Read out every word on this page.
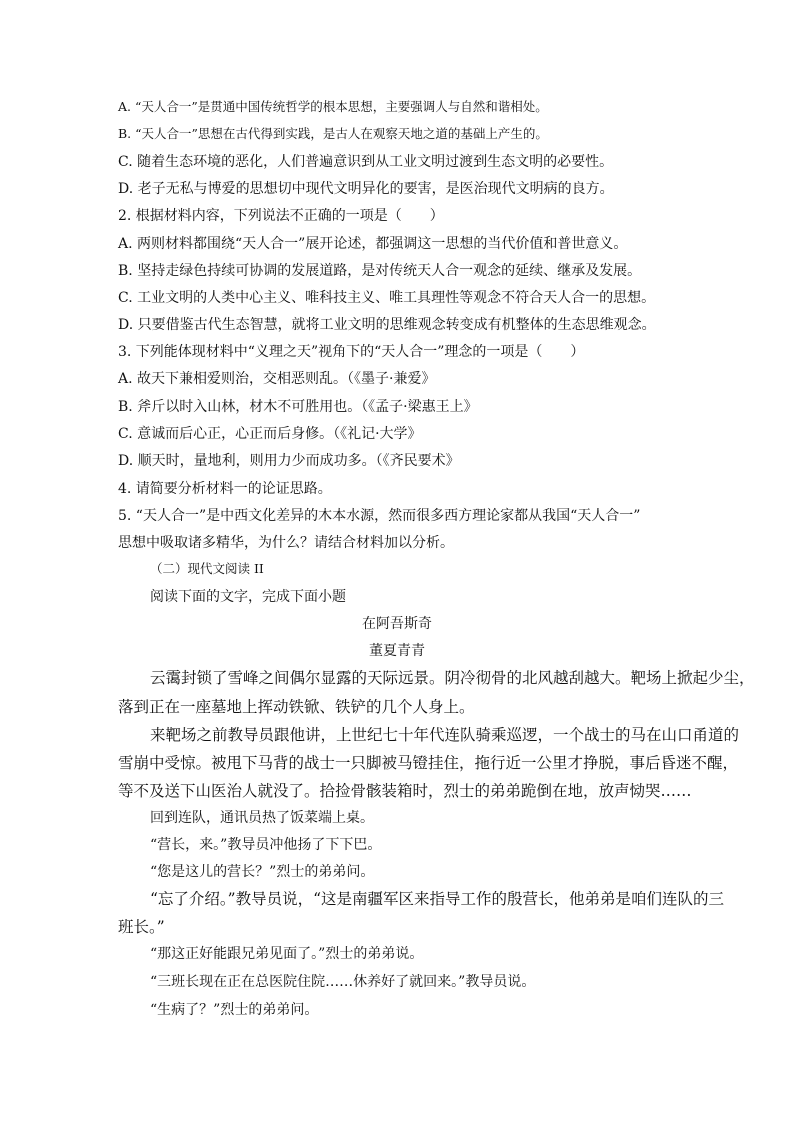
A. “天人合一”是贯通中国传统哲学的根本思想，主要强调人与自然和谐相处。
B. “天人合一”思想在古代得到实践，是古人在观察天地之道的基础上产生的。
C. 随着生态环境的恶化，人们普遍意识到从工业文明过渡到生态文明的必要性。
D. 老子无私与博爱的思想切中现代文明异化的要害，是医治现代文明病的良方。
2. 根据材料内容，下列说法不正确的一项是（　　）
A. 两则材料都围绕“天人合一”展开论述，都强调这一思想的当代价值和普世意义。
B. 坚持走绿色持续可协调的发展道路，是对传统天人合一观念的延续、继承及发展。
C. 工业文明的人类中心主义、唯科技主义、唯工具理性等观念不符合天人合一的思想。
D. 只要借鉴古代生态智慧，就将工业文明的思维观念转变成有机整体的生态思维观念。
3. 下列能体现材料中“义理之天”视角下的“天人合一”理念的一项是（　　）
A. 故天下兼相爱则治，交相恶则乱。（《墨子·兼爱》
B. 斧斤以时入山林，材木不可胜用也。（《孟子·梁惠王上》
C. 意诚而后心正，心正而后身修。（《礼记·大学》
D. 顺天时，量地利，则用力少而成功多。（《齐民要术》
4. 请简要分析材料一的论证思路。
5. “天人合一”是中西文化差异的木本水源，然而很多西方理论家都从我国“天人合一”
思想中吸取诸多精华，为什么？请结合材料加以分析。
（二）现代文阅读 II
阅读下面的文字，完成下面小题
在阿吾斯奇
董夏青青
云霭封锁了雪峰之间偶尔显露的天际远景。阴冷彻骨的北风越刮越大。靶场上掀起少尘，
落到正在一座墓地上挥动铁锨、铁铲的几个人身上。
来靶场之前教导员跟他讲，上世纪七十年代连队骑乘巡逻，一个战士的马在山口甬道的
雪崩中受惊。被甩下马背的战士一只脚被马镫挂住，拖行近一公里才挣脱，事后昏迷不醒，
等不及送下山医治人就没了。拾捡骨骸装箱时，烈士的弟弟跪倒在地，放声恸哭……
回到连队，通讯员热了饭菜端上桌。
“营长，来。”教导员冲他扬了下下巴。
“您是这儿的营长？”烈士的弟弟问。
“忘了介绍。”教导员说，“这是南疆军区来指导工作的殷营长，他弟弟是咱们连队的三
班长。”
“那这正好能跟兄弟见面了。”烈士的弟弟说。
“三班长现在正在总医院住院……休养好了就回来。”教导员说。
“生病了？”烈士的弟弟问。
